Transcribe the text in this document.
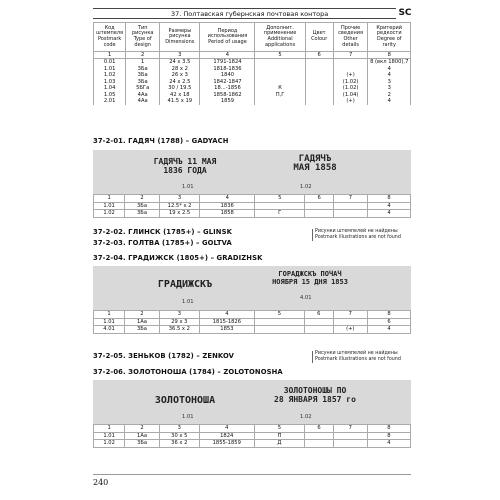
37. Полтавская губернская почтовая контора	SC
Код штемпеля Postmark code	Тип рисунка Type of design	Размеры рисунка Dimensions	Период использования Period of usage	Дополнит. применение Additional applications	Цвет Colour	Прочие сведения Other details	Критерий редкости Degree of rarity
1	2	3	4	5	6	7	8
0.01	1	24 x 3.5	1791-1824				8 (вкл 1800),7
1.01	3Ба	28 x 2	1818-1836				4
1.02	3Ба	26 x 3	1840			(+)	4
1.03	3Ба	24 x 2.5	1842-1847			(1.02)	3
1.04	5БГа	30 / 19.5	18...-1856	К		(1.02)	3
1.05	4Аа	42 x 18	1858-1862	П,Г		(1.04)	2
2.01	4Аа	41.5 x 19	1859			(+)	4
37-2-01. ГАДЯЧ (1788) – GADYACH
ГАДЯЧЪ 11 МАЯ
1836 ГОДА
1.01
ГАДЯЧЪ
МАЯ 1858
1.02
1	2	3	4	5	6	7	8
1.01	3Ба	12.5* x 2	1836				4
1.02	3Ба	19 x 2.5	1858	Г			4
37-2-02. ГЛИНСК (1785+) – GLINSK
37-2-03. ГОЛТВА (1785+) – GOLTVA
Рисунки штемпелей не найдены
Postmark illustrations are not found
37-2-04. ГРАДИЖСК (1805+) – GRADIZHSK
ГРАДИЖСКЪ
1.01
ГОРАДЖСКЪ ПОЧАЧ
НОЯБРЯ 15 ДНЯ 1853
4.01
1	2	3	4	5	6	7	8
1.01	1Аа	29 x 3	1815-1826				6
4.01	3Ба	36.5 x 2	1853			(+)	4
37-2-05. ЗЕНЬКОВ (1782) – ZENKOV	Рисунки штемпелей не найдены
Postmark illustrations are not found
37-2-06. ЗОЛОТОНОША (1784) – ZOLOTONOSHA
ЗОЛОТОНОША
1.01
ЗОЛОТОНОШЫ ПО
28 ЯНВАРЯ 1857 го
1.02
1	2	3	4	5	6	7	8
1.01	1Аа	30 x 5	1824	П			8
1.02	3Ба	36 x 2	1855-1859	Д			4
240
